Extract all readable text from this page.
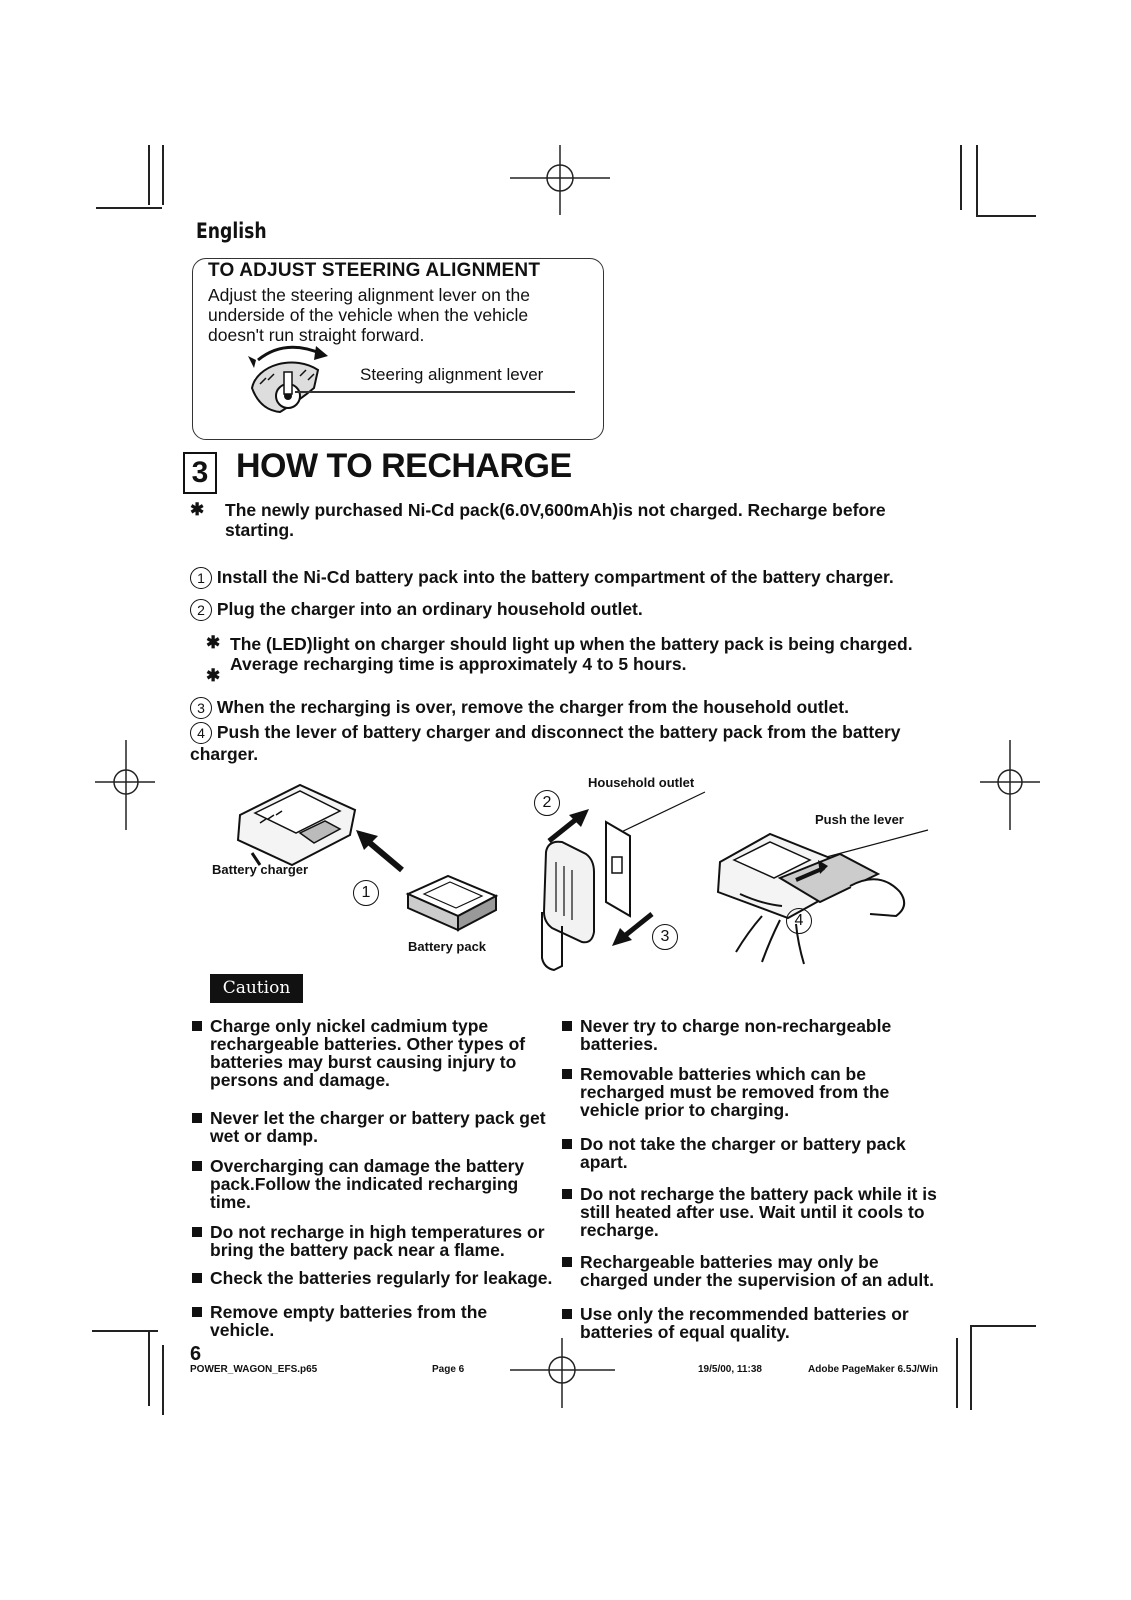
English
TO ADJUST STEERING ALIGNMENT
Adjust the steering alignment lever on the underside of the vehicle when the vehicle doesn't run straight forward.
Steering alignment lever
3 HOW TO RECHARGE
✱ The newly purchased Ni-Cd pack(6.0V,600mAh)is not charged. Recharge before starting.
1 Install the Ni-Cd battery pack into the battery compartment of the battery charger.
2 Plug the charger into an ordinary household outlet.
✱
✱
The (LED)light on charger should light up when the battery pack is being charged. Average recharging time is approximately 4 to 5 hours.
3 When the recharging is over, remove the charger from the household outlet.
4 Push the lever of battery charger and disconnect the battery pack from the battery charger.
Battery charger
1
Battery pack
Household outlet
2
3
Push the lever
4
Caution
Charge only nickel cadmium type rechargeable batteries. Other types of batteries may burst causing injury to persons and damage.
Never let the charger or battery pack get wet or damp.
Overcharging can damage the battery pack.Follow the indicated recharging time.
Do not recharge in high temperatures or bring the battery pack near a flame.
Check the batteries regularly for leakage.
Remove empty batteries from the vehicle.
Never try to charge non-rechargeable batteries.
Removable batteries which can be recharged must be removed from the vehicle prior to charging.
Do not take the charger or battery pack apart.
Do not recharge the battery pack while it is still heated after use. Wait until it cools to recharge.
Rechargeable batteries may only be charged under the supervision of an adult.
Use only the recommended batteries or batteries of equal quality.
6
POWER_WAGON_EFS.p65	Page 6	19/5/00, 11:38	Adobe PageMaker 6.5J/Win
